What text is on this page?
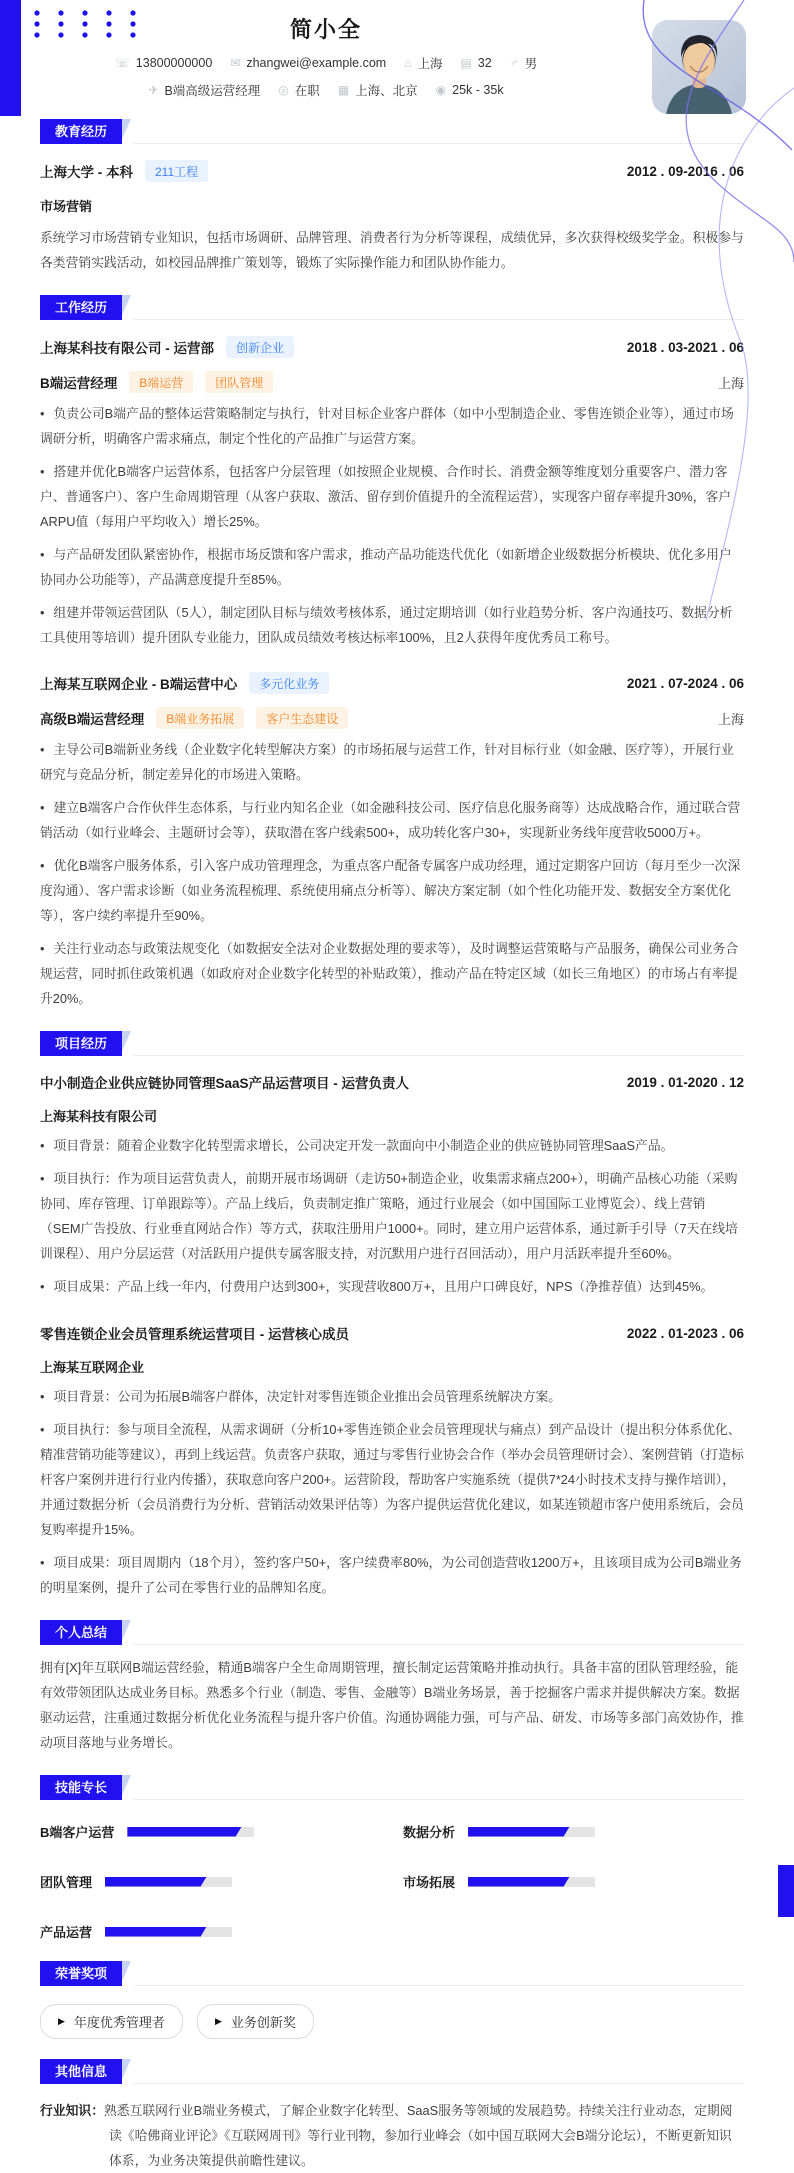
简小全
☏ 13800000000 ✉ zhangwei@example.com ⌂ 上海 ▤ 32 ♂ 男
✈ B端高级运营经理 ◎ 在职 ▦ 上海、北京 ◉ 25k - 35k
教育经历
上海大学 - 本科	211工程	2012 . 09-2016 . 06
市场营销

系统学习市场营销专业知识，包括市场调研、品牌管理、消费者行为分析等课程，成绩优异，多次获得校级奖学金。积极参与各类营销实践活动，如校园品牌推广策划等，锻炼了实际操作能力和团队协作能力。

工作经历
上海某科技有限公司 - 运营部	创新企业	2018 . 03-2021 . 06
B端运营经理	B端运营	团队管理	上海

• 负责公司B端产品的整体运营策略制定与执行，针对目标企业客户群体（如中小型制造企业、零售连锁企业等），通过市场调研分析，明确客户需求痛点，制定个性化的产品推广与运营方案。

• 搭建并优化B端客户运营体系，包括客户分层管理（如按照企业规模、合作时长、消费金额等维度划分重要客户、潜力客户、普通客户）、客户生命周期管理（从客户获取、激活、留存到价值提升的全流程运营），实现客户留存率提升30%，客户ARPU值（每用户平均收入）增长25%。

• 与产品研发团队紧密协作，根据市场反馈和客户需求，推动产品功能迭代优化（如新增企业级数据分析模块、优化多用户协同办公功能等），产品满意度提升至85%。

• 组建并带领运营团队（5人），制定团队目标与绩效考核体系，通过定期培训（如行业趋势分析、客户沟通技巧、数据分析工具使用等培训）提升团队专业能力，团队成员绩效考核达标率100%，且2人获得年度优秀员工称号。

上海某互联网企业 - B端运营中心	多元化业务	2021 . 07-2024 . 06
高级B端运营经理	B端业务拓展	客户生态建设	上海

• 主导公司B端新业务线（企业数字化转型解决方案）的市场拓展与运营工作，针对目标行业（如金融、医疗等），开展行业研究与竞品分析，制定差异化的市场进入策略。

• 建立B端客户合作伙伴生态体系，与行业内知名企业（如金融科技公司、医疗信息化服务商等）达成战略合作，通过联合营销活动（如行业峰会、主题研讨会等），获取潜在客户线索500+，成功转化客户30+，实现新业务线年度营收5000万+。

• 优化B端客户服务体系，引入客户成功管理理念，为重点客户配备专属客户成功经理，通过定期客户回访（每月至少一次深度沟通）、客户需求诊断（如业务流程梳理、系统使用痛点分析等）、解决方案定制（如个性化功能开发、数据安全方案优化等），客户续约率提升至90%。

• 关注行业动态与政策法规变化（如数据安全法对企业数据处理的要求等），及时调整运营策略与产品服务，确保公司业务合规运营，同时抓住政策机遇（如政府对企业数字化转型的补贴政策），推动产品在特定区域（如长三角地区）的市场占有率提升20%。

项目经历
中小制造企业供应链协同管理SaaS产品运营项目 - 运营负责人	2019 . 01-2020 . 12
上海某科技有限公司

• 项目背景：随着企业数字化转型需求增长，公司决定开发一款面向中小制造企业的供应链协同管理SaaS产品。

• 项目执行：作为项目运营负责人，前期开展市场调研（走访50+制造企业，收集需求痛点200+），明确产品核心功能（采购协同、库存管理、订单跟踪等）。产品上线后，负责制定推广策略，通过行业展会（如中国国际工业博览会）、线上营销（SEM广告投放、行业垂直网站合作）等方式，获取注册用户1000+。同时，建立用户运营体系，通过新手引导（7天在线培训课程）、用户分层运营（对活跃用户提供专属客服支持，对沉默用户进行召回活动），用户月活跃率提升至60%。

• 项目成果：产品上线一年内，付费用户达到300+，实现营收800万+，且用户口碑良好，NPS（净推荐值）达到45%。

零售连锁企业会员管理系统运营项目 - 运营核心成员	2022 . 01-2023 . 06
上海某互联网企业

• 项目背景：公司为拓展B端客户群体，决定针对零售连锁企业推出会员管理系统解决方案。

• 项目执行：参与项目全流程，从需求调研（分析10+零售连锁企业会员管理现状与痛点）到产品设计（提出积分体系优化、精准营销功能等建议），再到上线运营。负责客户获取，通过与零售行业协会合作（举办会员管理研讨会）、案例营销（打造标杆客户案例并进行行业内传播），获取意向客户200+。运营阶段，帮助客户实施系统（提供7*24小时技术支持与操作培训），并通过数据分析（会员消费行为分析、营销活动效果评估等）为客户提供运营优化建议，如某连锁超市客户使用系统后，会员复购率提升15%。

• 项目成果：项目周期内（18个月），签约客户50+，客户续费率80%，为公司创造营收1200万+，且该项目成为公司B端业务的明星案例，提升了公司在零售行业的品牌知名度。

个人总结

拥有[X]年互联网B端运营经验，精通B端客户全生命周期管理，擅长制定运营策略并推动执行。具备丰富的团队管理经验，能有效带领团队达成业务目标。熟悉多个行业（制造、零售、金融等）B端业务场景，善于挖掘客户需求并提供解决方案。数据驱动运营，注重通过数据分析优化业务流程与提升客户价值。沟通协调能力强，可与产品、研发、市场等多部门高效协作，推动项目落地与业务增长。

技能专长
B端客户运营	数据分析
团队管理	市场拓展
产品运营
荣誉奖项
▶ 年度优秀管理者	▶ 业务创新奖
其他信息

行业知识：熟悉互联网行业B端业务模式，了解企业数字化转型、SaaS服务等领域的发展趋势。持续关注行业动态，定期阅读《哈佛商业评论》《互联网周刊》等行业刊物，参加行业峰会（如中国互联网大会B端分论坛），不断更新知识体系，为业务决策提供前瞻性建议。
